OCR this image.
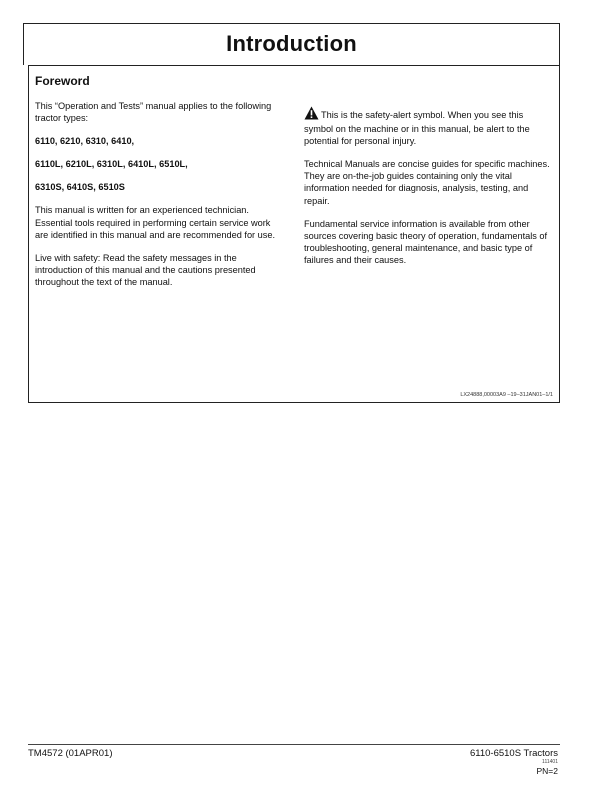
Introduction
Foreword

This “Operation and Tests” manual applies to the following tractor types:

6110, 6210, 6310, 6410,

6110L, 6210L, 6310L, 6410L, 6510L,

6310S, 6410S, 6510S

This manual is written for an experienced technician. Essential tools required in performing certain service work are identified in this manual and are recommended for use.

Live with safety: Read the safety messages in the introduction of this manual and the cautions presented throughout the text of the manual.

This is the safety-alert symbol. When you see this symbol on the machine or in this manual, be alert to the potential for personal injury.

Technical Manuals are concise guides for specific machines. They are on-the-job guides containing only the vital information needed for diagnosis, analysis, testing, and repair.

Fundamental service information is available from other sources covering basic theory of operation, fundamentals of troubleshooting, general maintenance, and basic type of failures and their causes.

LX24888,00003A9 –19–31JAN01–1/1
TM4572 (01APR01)	6110-6510S Tractors
111401
PN=2
